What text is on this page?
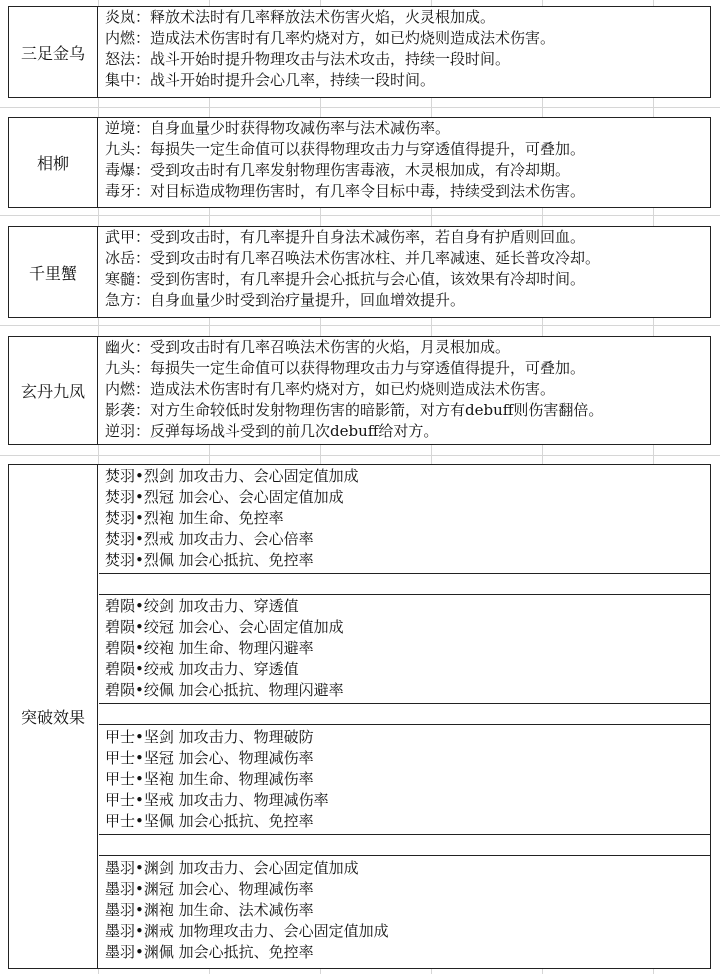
三足金乌
炎岚：释放术法时有几率释放法术伤害火焰，火灵根加成。
内燃：造成法术伤害时有几率灼烧对方，如已灼烧则造成法术伤害。
怒法：战斗开始时提升物理攻击与法术攻击，持续一段时间。
集中：战斗开始时提升会心几率，持续一段时间。
相柳
逆境：自身血量少时获得物攻减伤率与法术减伤率。
九头：每损失一定生命值可以获得物理攻击力与穿透值得提升，可叠加。
毒爆：受到攻击时有几率发射物理伤害毒液，木灵根加成，有冷却期。
毒牙：对目标造成物理伤害时，有几率令目标中毒，持续受到法术伤害。
千里蟹
武甲：受到攻击时，有几率提升自身法术减伤率，若自身有护盾则回血。
冰岳：受到攻击时有几率召唤法术伤害冰柱、并几率减速、延长普攻冷却。
寒髓：受到伤害时，有几率提升会心抵抗与会心值，该效果有冷却时间。
急方：自身血量少时受到治疗量提升，回血增效提升。
玄丹九凤
幽火：受到攻击时有几率召唤法术伤害的火焰，月灵根加成。
九头：每损失一定生命值可以获得物理攻击力与穿透值得提升，可叠加。
内燃：造成法术伤害时有几率灼烧对方，如已灼烧则造成法术伤害。
影袭：对方生命较低时发射物理伤害的暗影箭，对方有debuff则伤害翻倍。
逆羽：反弹每场战斗受到的前几次debuff给对方。
突破效果
焚羽•烈剑 加攻击力、会心固定值加成
焚羽•烈冠 加会心、会心固定值加成
焚羽•烈袍 加生命、免控率
焚羽•烈戒 加攻击力、会心倍率
焚羽•烈佩 加会心抵抗、免控率
碧陨•绞剑 加攻击力、穿透值
碧陨•绞冠 加会心、会心固定值加成
碧陨•绞袍 加生命、物理闪避率
碧陨•绞戒 加攻击力、穿透值
碧陨•绞佩 加会心抵抗、物理闪避率
甲士•坚剑 加攻击力、物理破防
甲士•坚冠 加会心、物理减伤率
甲士•坚袍 加生命、物理减伤率
甲士•坚戒 加攻击力、物理减伤率
甲士•坚佩 加会心抵抗、免控率
墨羽•渊剑 加攻击力、会心固定值加成
墨羽•渊冠 加会心、物理减伤率
墨羽•渊袍 加生命、法术减伤率
墨羽•渊戒 加物理攻击力、会心固定值加成
墨羽•渊佩 加会心抵抗、免控率
